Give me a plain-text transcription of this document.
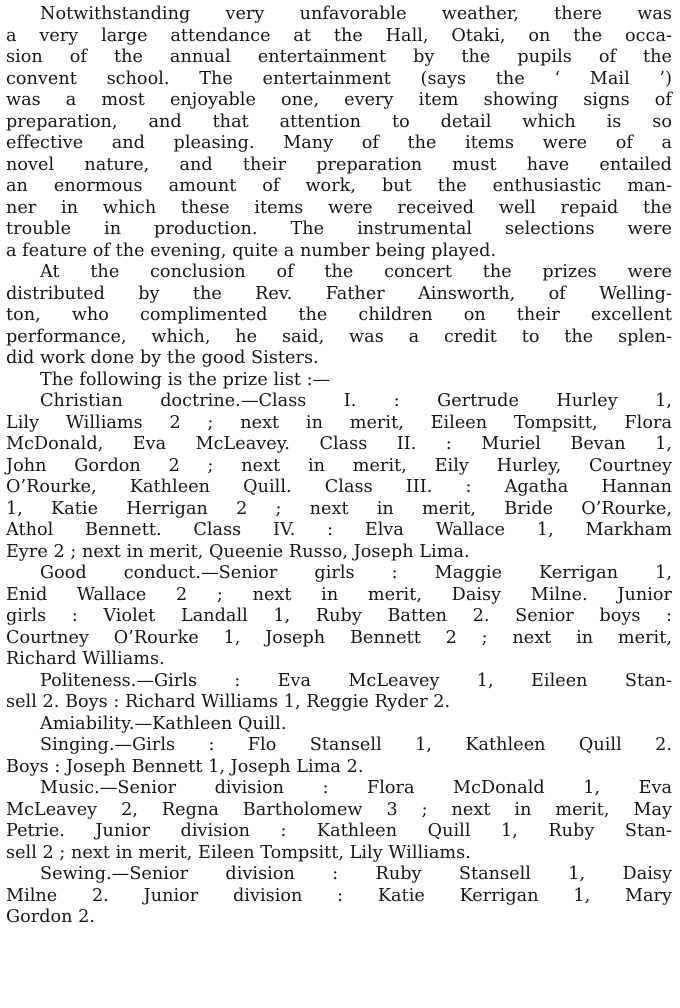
Notwithstanding very unfavorable weather, there was
a very large attendance at the Hall, Otaki, on the occa-
sion of the annual entertainment by the pupils of the
convent school. The entertainment (says the ‘ Mail ’)
was a most enjoyable one, every item showing signs of
preparation, and that attention to detail which is so
effective and pleasing. Many of the items were of a
novel nature, and their preparation must have entailed
an enormous amount of work, but the enthusiastic man-
ner in which these items were received well repaid the
trouble in production. The instrumental selections were
a feature of the evening, quite a number being played.
At the conclusion of the concert the prizes were
distributed by the Rev. Father Ainsworth, of Welling-
ton, who complimented the children on their excellent
performance, which, he said, was a credit to the splen-
did work done by the good Sisters.
The following is the prize list :—
Christian doctrine.—Class I. : Gertrude Hurley 1,
Lily Williams 2 ; next in merit, Eileen Tompsitt, Flora
McDonald, Eva McLeavey. Class II. : Muriel Bevan 1,
John Gordon 2 ; next in merit, Eily Hurley, Courtney
O’Rourke, Kathleen Quill. Class III. : Agatha Hannan
1, Katie Herrigan 2 ; next in merit, Bride O’Rourke,
Athol Bennett. Class IV. : Elva Wallace 1, Markham
Eyre 2 ; next in merit, Queenie Russo, Joseph Lima.
Good conduct.—Senior girls : Maggie Kerrigan 1,
Enid Wallace 2 ; next in merit, Daisy Milne. Junior
girls : Violet Landall 1, Ruby Batten 2. Senior boys :
Courtney O’Rourke 1, Joseph Bennett 2 ; next in merit,
Richard Williams.
Politeness.—Girls : Eva McLeavey 1, Eileen Stan-
sell 2. Boys : Richard Williams 1, Reggie Ryder 2.
Amiability.—Kathleen Quill.
Singing.—Girls : Flo Stansell 1, Kathleen Quill 2.
Boys : Joseph Bennett 1, Joseph Lima 2.
Music.—Senior division : Flora McDonald 1, Eva
McLeavey 2, Regna Bartholomew 3 ; next in merit, May
Petrie. Junior division : Kathleen Quill 1, Ruby Stan-
sell 2 ; next in merit, Eileen Tompsitt, Lily Williams.
Sewing.—Senior division : Ruby Stansell 1, Daisy
Milne 2. Junior division : Katie Kerrigan 1, Mary
Gordon 2.
